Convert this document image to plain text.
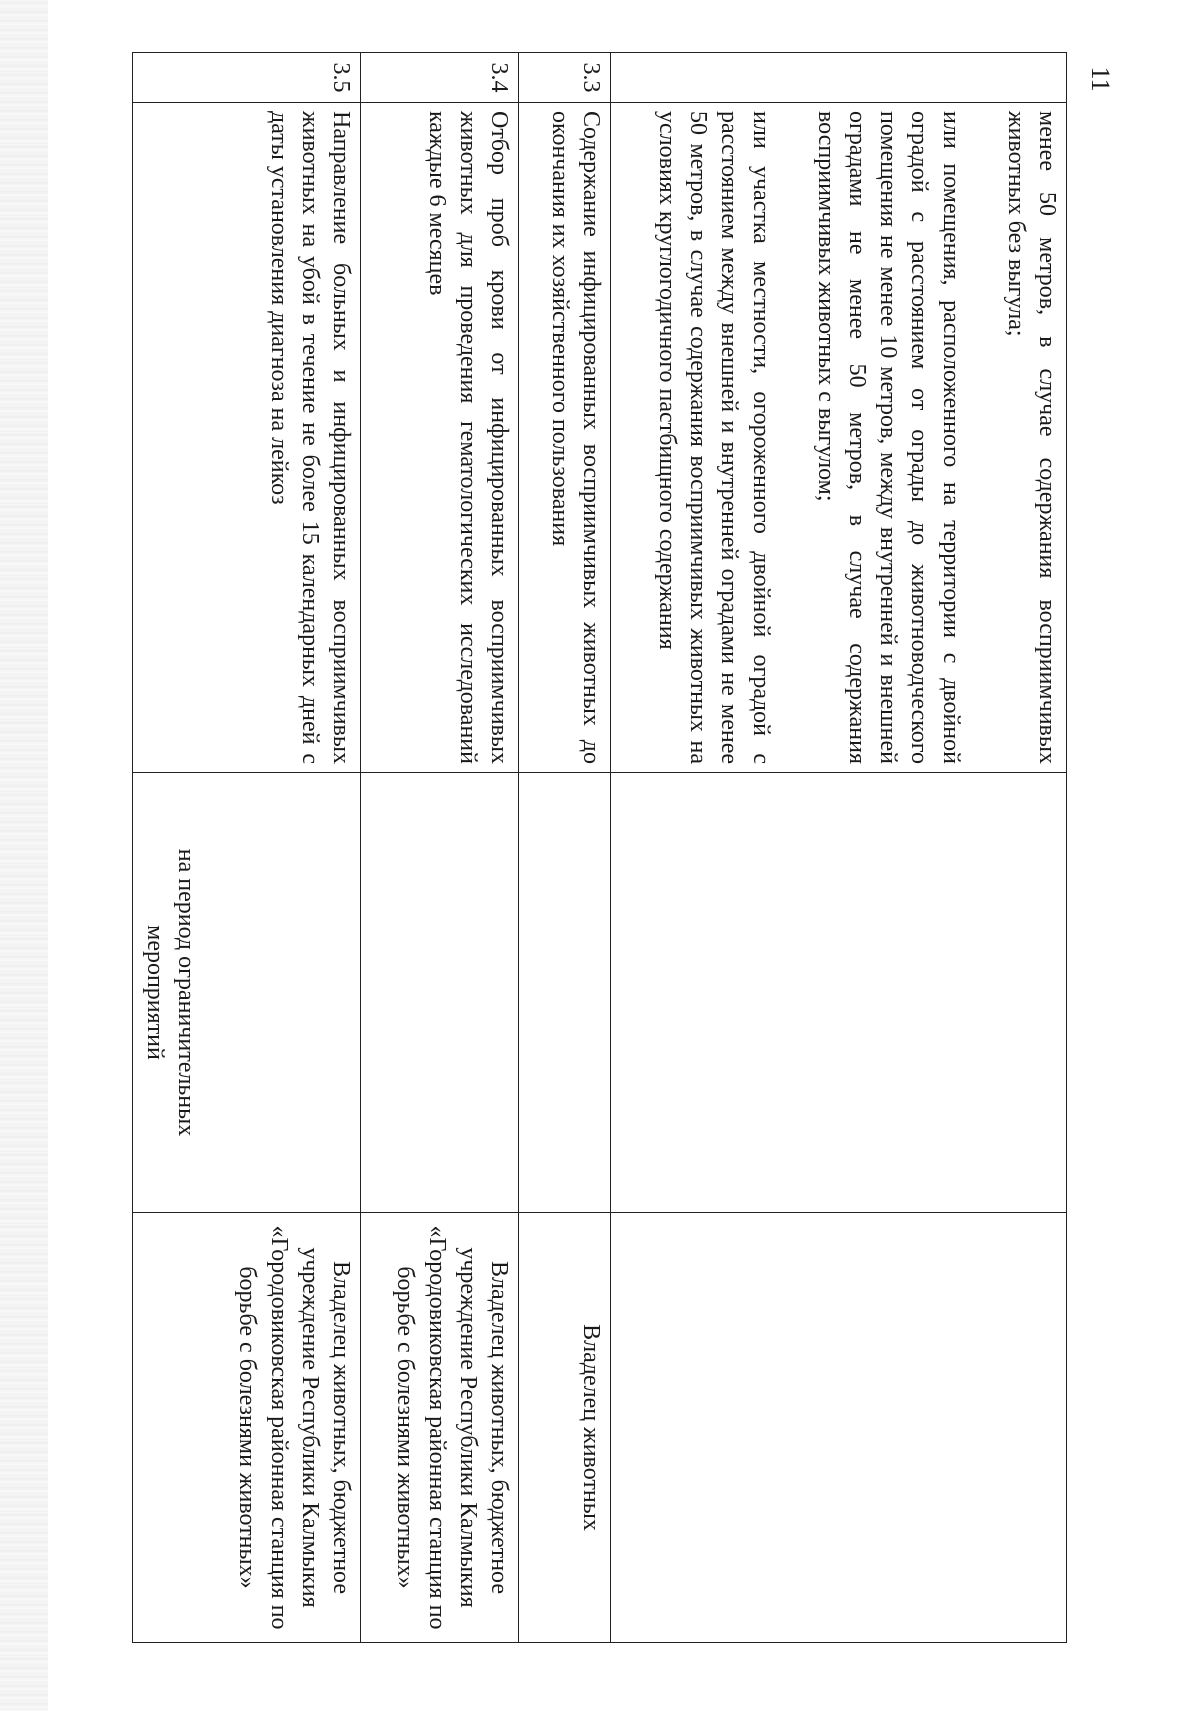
11

	менее 50 метров, в случае содержания восприимчивых животных без выгула;
или помещения, расположенного на территории с двойной оградой с расстоянием от ограды до животноводческого помещения не менее 10 метров, между внутренней и внешней оградами не менее 50 метров, в случае содержания восприимчивых животных с выгулом;
или участка местности, огороженного двойной оградой с расстоянием между внешней и внутренней оградами не менее 50 метров, в случае содержания восприимчивых животных на условиях круглогодичного пастбищного содержания		

3.3	Содержание инфицированных восприимчивых животных до окончания их хозяйственного пользования		Владелец животных
3.4	Отбор проб крови от инфицированных восприимчивых животных для проведения гематологических исследований каждые 6 месяцев		Владелец животных, бюджетное учреждение Республики Калмыкия «Городовиковская районная станция по борьбе с болезнями животных»
3.5	Направление больных и инфицированных восприимчивых животных на убой в течение не более 15 календарных дней с даты установления диагноза на лейкоз	на период ограничительных мероприятий	Владелец животных, бюджетное учреждение Республики Калмыкия «Городовиковская районная станция по борьбе с болезнями животных»
